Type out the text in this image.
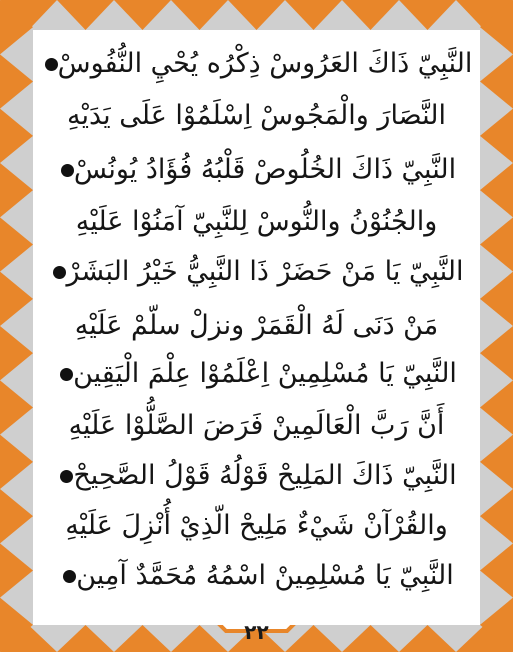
النَّبِيّ ذَاكَ العَرُوسْ ذِكْرُه يُحْيِ النُّفُوسْ
النَّصَارَ والْمَجُوسْ اِسْلَمُوْا عَلَى يَدَيْهِ
النَّبِيّ ذَاكَ الخُلُوصْ قَلْبُهُ فُؤَادُ يُونُسْ
والجُنُوْنُ والنُّوسْ لِلنَّبِيّ آمَنُوْا عَلَيْهِ
النَّبِيّ يَا مَنْ حَضَرْ ذَا النَّبِيُّ خَيْرُ البَشَرْ
مَنْ دَنَى لَهُ الْقَمَرْ ونزلْ سلّمْ عَلَيْهِ
النَّبِيّ يَا مُسْلِمِينْ اِعْلَمُوْا عِلْمَ الْيَقِين
أَنَّ رَبَّ الْعَالَمِينْ فَرَضَ الصَّلُّوْا عَلَيْهِ
النَّبِيّ ذَاكَ المَلِيحْ قَوْلُهُ قَوْلُ الصَّحِيحْ
والقُرْآنْ شَيْءٌ مَلِيحْ الّذِيْ أُنْزِلَ عَلَيْهِ
النَّبِيّ يَا مُسْلِمِينْ اسْمُهُ مُحَمَّدٌ آمِين
٢٢
